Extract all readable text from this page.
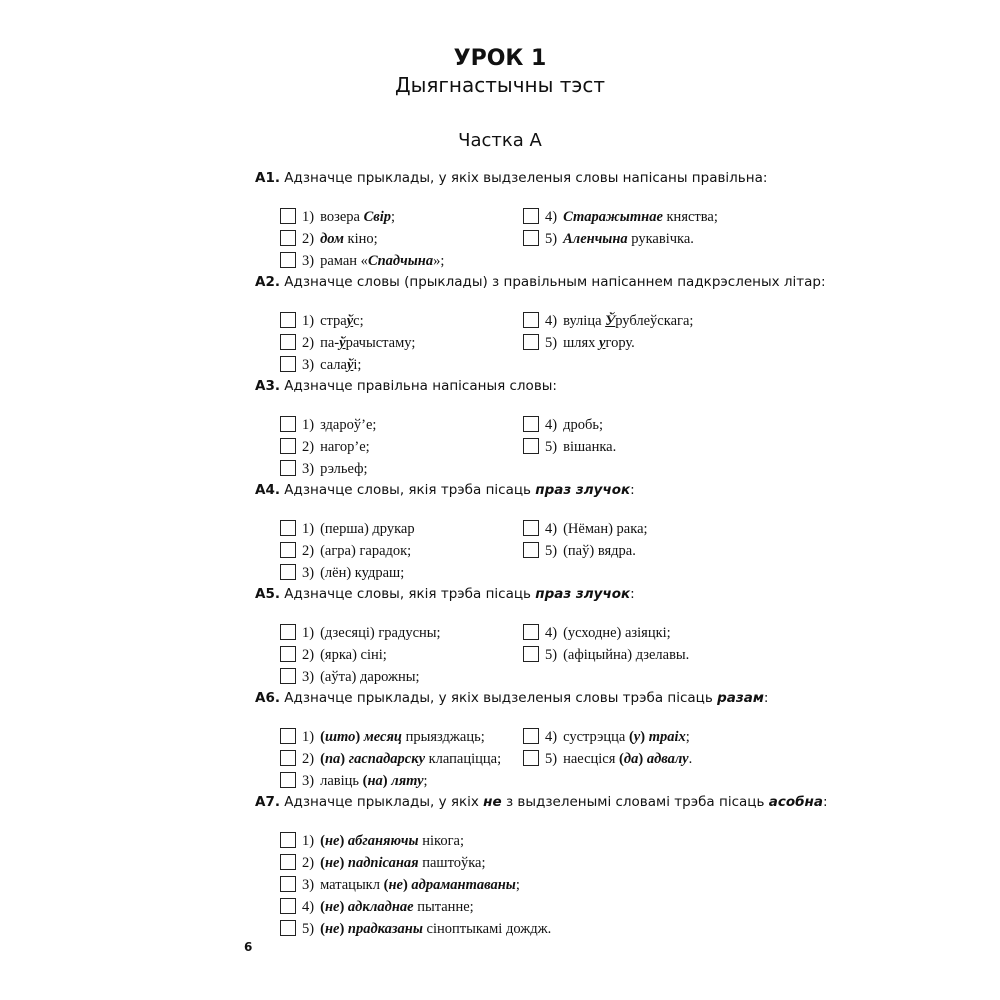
УРОК 1
Дыягнастычны тэст
Частка А
А1. Адзначце прыклады, у якіх выдзеленыя словы напісаны правільна:
1) возера Свір;
2) дом кіно;
3) раман «Спадчына»;
4) Старажытнае княства;
5) Аленчына рукавічка.
А2. Адзначце словы (прыклады) з правільным напісаннем падкрэсленых літар:
1) страўс;
2) па-ўрачыстаму;
3) салаўі;
4) вуліца Ўрублеўскага;
5) шлях угору.
А3. Адзначце правільна напісаныя словы:
1) здароў’е;
2) нагор’е;
3) рэльеф;
4) дробь;
5) вішанка.
А4. Адзначце словы, якія трэба пісаць праз злучок:
1) (перша) друкар
2) (агра) гарадок;
3) (лён) кудраш;
4) (Нёман) рака;
5) (паў) вядра.
А5. Адзначце словы, якія трэба пісаць праз злучок:
1) (дзесяці) градусны;
2) (ярка) сіні;
3) (аўта) дарожны;
4) (усходне) азіяцкі;
5) (афіцыйна) дзелавы.
А6. Адзначце прыклады, у якіх выдзеленыя словы трэба пісаць разам:
1) (што) месяц прыязджаць;
2) (па) гаспадарску клапаціцца;
3) лавіць (на) ляту;
4) сустрэцца (у) траіх;
5) наесціся (да) адвалу.
А7. Адзначце прыклады, у якіх не з выдзеленымі словамі трэба пісаць асобна:
1) (не) абганяючы нікога;
2) (не) падпісаная паштоўка;
3) матацыкл (не) адрамантаваны;
4) (не) адкладнае пытанне;
5) (не) прадказаны сіноптыкамі дождж.
6
